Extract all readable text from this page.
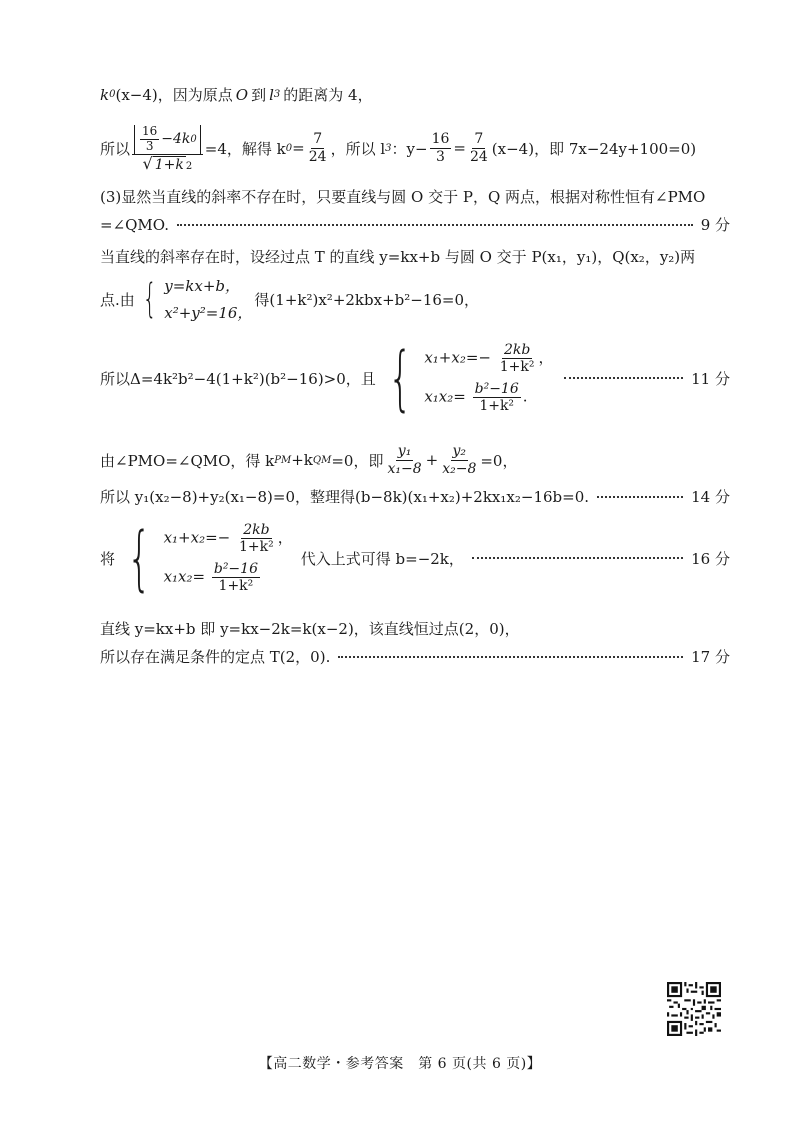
k 0 (x−4)，因为原点 O 到 l 3 的距离为 4，
所以 $\frac{\frac{16}{3} -4k 0}{√ 1+k 2} =4$，解得 k $0 = \frac{7}{24}$ ，所以 l 3 ：$y- \frac{16}{3} = \frac{7}{24} (x-4)$，即 7x−24y+100=0)
(3)显然当直线的斜率不存在时，只要直线与圆 O 交于 P，Q 两点，根据对称性恒有∠PMO
=∠QMO.	9 分
当直线的斜率存在时，设经过点 T 的直线 y=kx+b 与圆 O 交于 P(x₁，y₁)，Q(x₂，y₂)两
点.由 { y=kx+b，
x²+y²=16，
得(1+k²)x²+2kbx+b²−16=0，
所以Δ=4k²b²−4(1+k²)(b²−16)>0，且 { $x_1+x_2=- \frac{2kb}{\text{1+k²}}$ ，
$x_1x_2= \frac{\text{b²−16}}{\text{1+k²}}$ .
11 分
由∠PMO=∠QMO，得 k PM +k QM =0，即 $\frac{\text{y₁}}{\text{x₁−8}} + \frac{\text{y₂}}{\text{x₂−8}} =0$，
所以 y₁(x₂−8)+y₂(x₁−8)=0，整理得(b−8k)(x₁+x₂)+2kx₁x₂−16b=0.	14 分
将 { $x_1+x_2=- \frac{2kb}{\text{1+k²}}$ ，
$x_1x_2= \frac{\text{b²−16}}{\text{1+k²}}$
代入上式可得 b=−2k，	16 分
直线 y=kx+b 即 y=kx−2k=k(x−2)，该直线恒过点(2，0)，
所以存在满足条件的定点 T(2，0).	17 分
【高二数学・参考答案　第 6 页(共 6 页)】
